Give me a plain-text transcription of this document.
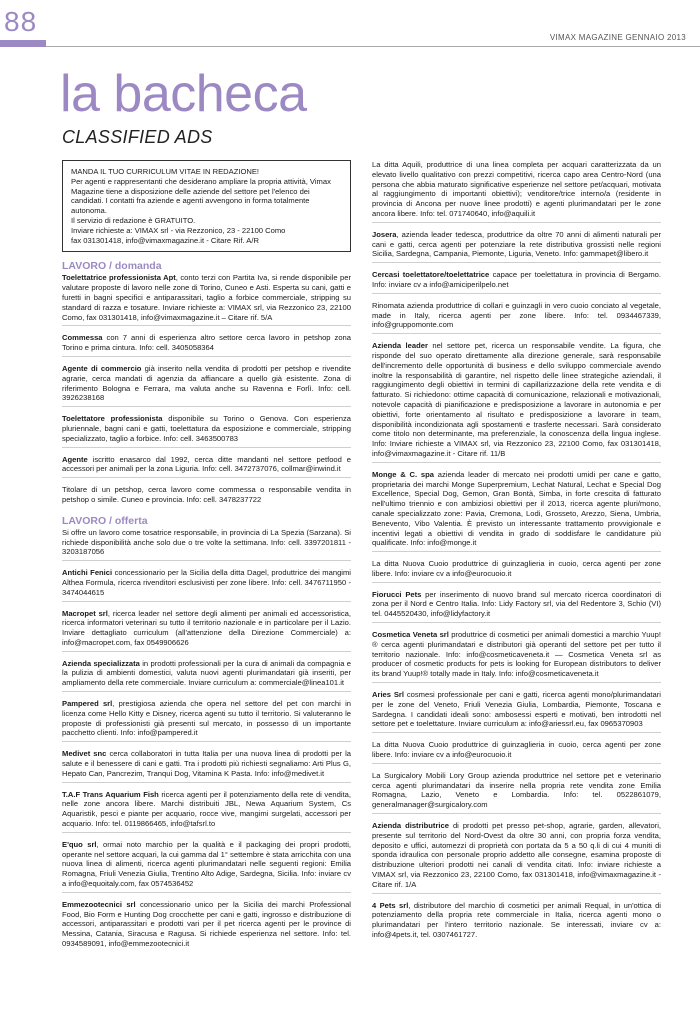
88
VIMAX MAGAZINE GENNAIO 2013
la bacheca
CLASSIFIED ADS

MANDA IL TUO CURRICULUM VITAE IN REDAZIONE!

Per agenti e rappresentanti che desiderano ampliare la propria attività, Vimax Magazine tiene a disposizione delle aziende del settore pet l'elenco dei candidati. I contatti fra aziende e agenti avvengono in forma totalmente autonoma.

Il servizio di redazione è GRATUITO.

Inviare richieste a: VIMAX srl - via Rezzonico, 23 - 22100 Como

fax 031301418, info@vimaxmagazine.it - Citare Rif. A/R

LAVORO / domanda

Toelettatrice professionista Apt, conto terzi con Partita Iva, si rende disponibile per valutare proposte di lavoro nelle zone di Torino, Cuneo e Asti. Esperta su cani, gatti e furetti in bagni specifici e antiparassitari, taglio a forbice commerciale, stripping su standard di razza e tosature. Inviare richieste a: VIMAX srl, via Rezzonico 23, 22100 Como, fax 031301418, info@vimaxmagazine.it – Citare rif. 5/A

Commessa con 7 anni di esperienza altro settore cerca lavoro in petshop zona Torino e prima cintura. Info: cell. 3405058364

Agente di commercio già inserito nella vendita di prodotti per petshop e rivendite agrarie, cerca mandati di agenzia da affiancare a quello già esistente. Zona di riferimento Bologna e Ferrara, ma valuta anche su Ravenna e Forlì. Info: cell. 3926238168

Toelettatore professionista disponibile su Torino o Genova. Con esperienza pluriennale, bagni cani e gatti, toelettatura da esposizione e commerciale, stripping specializzato, taglio a forbice. Info: cell. 3463500783

Agente iscritto enasarco dal 1992, cerca ditte mandanti nel settore petfood e accessori per animali per la zona Liguria. Info: cell. 3472737076, collmar@inwind.it

Titolare di un petshop, cerca lavoro come commessa o responsabile vendita in petshop o simile. Cuneo e provincia. Info: cell. 3478237722

LAVORO / offerta

Si offre un lavoro come tosatrice responsabile, in provincia di La Spezia (Sarzana). Si richiede disponibilità anche solo due o tre volte la settimana. Info: cell. 3397201811 - 3203187056

Antichi Fenici concessionario per la Sicilia della ditta Dagel, produttrice dei mangimi Althea Formula, ricerca rivenditori esclusivisti per zone libere. Info: cell. 3476711950 - 3474044615

Macropet srl, ricerca leader nel settore degli alimenti per animali ed accessoristica, ricerca informatori veterinari su tutto il territorio nazionale e in particolare per il Lazio. Inviare dettagliato curriculum (all'attenzione della Direzione Commerciale) a: info@macropet.com, fax 0549906626

Azienda specializzata in prodotti professionali per la cura di animali da compagnia e la pulizia di ambienti domestici, valuta nuovi agenti plurimandatari già inseriti, per ampliamento della rete commerciale. Inviare curriculum a: commerciale@linea101.it

Pampered srl, prestigiosa azienda che opera nel settore del pet con marchi in licenza come Hello Kitty e Disney, ricerca agenti su tutto il territorio. Si valuteranno le proposte di professionisti già presenti sul mercato, in possesso di un importante pacchetto clienti. Info: info@pampered.it

Medivet snc cerca collaboratori in tutta Italia per una nuova linea di prodotti per la salute e il benessere di cani e gatti. Tra i prodotti più richiesti segnaliamo: Arti Plus G, Hepato Can, Pancrezim, Tranqui Dog, Vitamina K Pasta. Info: info@medivet.it

T.A.F Trans Aquarium Fish ricerca agenti per il potenziamento della rete di vendita, nelle zone ancora libere. Marchi distribuiti JBL, Newa Aquarium System, Cs Aquaristik, pesci e piante per acquario, rocce vive, mangimi surgelati, accessori per acquario. Info: tel. 0119866465, info@tafsrl.to

E'quo srl, ormai noto marchio per la qualità e il packaging dei propri prodotti, operante nel settore acquari, la cui gamma dal 1° settembre è stata arricchita con una nuova linea di alimenti, ricerca agenti plurimandatari nelle seguenti regioni: Emilia Romagna, Friuli Venezia Giulia, Trentino Alto Adige, Sardegna, Sicilia. Info: inviare cv a info@equoitaly.com, fax 0574536452

Emmezootecnici srl concessionario unico per la Sicilia dei marchi Professional Food, Bio Form e Hunting Dog crocchette per cani e gatti, ingrosso e distribuzione di accessori, antiparassitari e prodotti vari per il pet ricerca agenti per le province di Messina, Catania, Siracusa e Ragusa. Si richiede esperienza nel settore. Info: tel. 0934589091, info@emmezootecnici.it

La ditta Aquili, produttrice di una linea completa per acquari caratterizzata da un elevato livello qualitativo con prezzi competitivi, ricerca capo area Centro-Nord (una persona che abbia maturato significative esperienze nel settore pet/acquari, motivata al raggiungimento di importanti obiettivi); venditore/trice interno/a (residente in provincia di Ancona per nuove linee prodotti) e agenti plurimandatari per le zone ancora libere. Info: tel. 071740640, info@aquili.it

Josera, azienda leader tedesca, produttrice da oltre 70 anni di alimenti naturali per cani e gatti, cerca agenti per potenziare la rete distributiva grossisti nelle regioni Sicilia, Sardegna, Campania, Piemonte, Liguria, Veneto. Info: gammapet@libero.it

Cercasi toelettatore/toelettatrice capace per toelettatura in provincia di Bergamo. Info: inviare cv a info@amiciperilpelo.net

Rinomata azienda produttrice di collari e guinzagli in vero cuoio conciato al vegetale, made in Italy, ricerca agenti per zone libere. Info: tel. 0934467339, info@gruppomonte.com

Azienda leader nel settore pet, ricerca un responsabile vendite. La figura, che risponde del suo operato direttamente alla direzione generale, sarà responsabile dell'incremento delle opportunità di business e dello sviluppo commerciale avendo inoltre la responsabilità di garantire, nel rispetto delle linee strategiche aziendali, il raggiungimento degli obiettivi in termini di capillarizzazione della rete vendita e di fatturato. Si richiedono: ottime capacità di comunicazione, relazionali e motivazionali, notevole capacità di pianificazione e predisposizione a lavorare in autonomia e per obiettivi, forte orientamento al risultato e predisposizione a lavorare in team, disponibilità incondizionata agli spostamenti e trasferte necessari. Sarà considerato come titolo non determinante, ma preferenziale, la conoscenza della lingua inglese. Info: Inviare richieste a VIMAX srl, via Rezzonico 23, 22100 Como, fax 031301418, info@vimaxmagazine.it - Citare rif. 11/B

Monge & C. spa azienda leader di mercato nei prodotti umidi per cane e gatto, proprietaria dei marchi Monge Superpremium, Lechat Natural, Lechat e Special Dog Excellence, Special Dog, Gemon, Gran Bontà, Simba, in forte crescita di fatturato nell'ultimo triennio e con ambiziosi obiettivi per il 2013, ricerca agente pluri/mono, canale specializzato zone: Pavia, Cremona, Lodi, Grosseto, Arezzo, Siena, Umbria, Benevento, Vibo Valentia. È previsto un interessante trattamento provvigionale e incentivi legati a obiettivi di vendita in grado di soddisfare le candidature più qualificate. Info: info@monge.it

La ditta Nuova Cuoio produttrice di guinzaglieria in cuoio, cerca agenti per zone libere. Info: inviare cv a info@eurocuoio.it

Fiorucci Pets per inserimento di nuovo brand sul mercato ricerca coordinatori di zona per il Nord e Centro Italia. Info: Lidy Factory srl, via del Redentore 3, Schio (VI) tel. 0445520430, info@lidyfactory.it

Cosmetica Veneta srl produttrice di cosmetici per animali domestici a marchio Yuup!® cerca agenti plurimandatari e distributori già operanti del settore pet per tutto il territorio nazionale. Info: info@cosmeticaveneta.it — Cosmetica Veneta srl as producer of cosmetic products for pets is looking for European distributors to deliver its brand Yuup!® totally made in Italy. Info: info@cosmeticaveneta.it

Aries Srl cosmesi professionale per cani e gatti, ricerca agenti mono/plurimandatari per le zone del Veneto, Friuli Venezia Giulia, Lombardia, Piemonte, Toscana e Sardegna. I candidati ideali sono: ambosessi esperti e motivati, ben introdotti nel settore pet e toelettature. Inviare curriculum a: info@ariessrl.eu, fax 0965370903

La ditta Nuova Cuoio produttrice di guinzaglieria in cuoio, cerca agenti per zone libere. Info: inviare cv a info@eurocuoio.it

La Surgicalory Mobili Lory Group azienda produttrice nel settore pet e veterinario cerca agenti plurimandatari da inserire nella propria rete vendita zone Emilia Romagna, Lazio, Veneto e Lombardia. Info: tel. 0522861079, generalmanager@surgicalory.com

Azienda distributrice di prodotti pet presso pet-shop, agrarie, garden, allevatori, presente sul territorio del Nord-Ovest da oltre 30 anni, con propria forza vendita, deposito e uffici, automezzi di proprietà con portata da 5 a 50 q.li di cui 4 muniti di sponda idraulica con personale proprio addetto alle consegne, esamina proposte di distribuzione ulteriori prodotti nei canali di vendita citati. Info: inviare richieste a VIMAX srl, via Rezzonico 23, 22100 Como, fax 031301418, info@vimaxmagazine.it - Citare rif. 1/A

4 Pets srl, distributore del marchio di cosmetici per animali Requal, in un'ottica di potenziamento della propria rete commerciale in Italia, ricerca agenti mono o plurimandatari per l'intero territorio nazionale. Se interessati, inviare cv a: info@4pets.it, tel. 0307461727.
